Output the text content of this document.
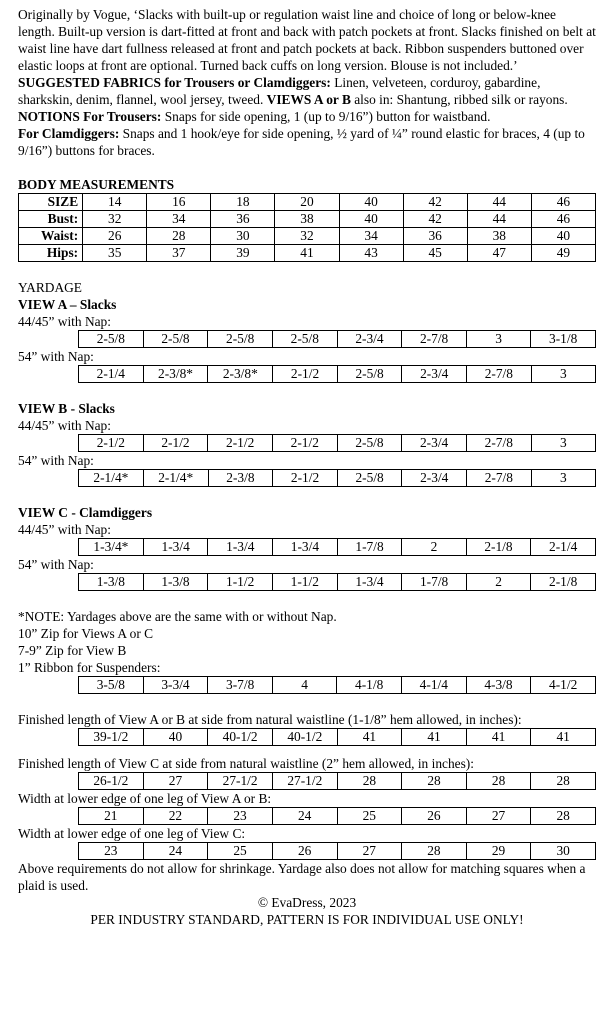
Originally by Vogue, ‘Slacks with built-up or regulation waist line and choice of long or below-knee length. Built-up version is dart-fitted at front and back with patch pockets at front. Slacks finished on belt at waist line have dart fullness released at front and patch pockets at back. Ribbon suspenders buttoned over elastic loops at front are optional. Turned back cuffs on long version. Blouse is not included.’

SUGGESTED FABRICS for Trousers or Clamdiggers: Linen, velveteen, corduroy, gabardine, sharkskin, denim, flannel, wool jersey, tweed. VIEWS A or B also in: Shantung, ribbed silk or rayons.

NOTIONS For Trousers: Snaps for side opening, 1 (up to 9/16”) button for waistband.

For Clamdiggers: Snaps and 1 hook/eye for side opening, ½ yard of ¼” round elastic for braces, 4 (up to 9/16”) buttons for braces.

BODY MEASUREMENTS

SIZE	14	16	18	20	40	42	44	46
Bust:	32	34	36	38	40	42	44	46
Waist:	26	28	30	32	34	36	38	40
Hips:	35	37	39	41	43	45	47	49

YARDAGE

VIEW A – Slacks

44/45” with Nap:

2-5/8	2-5/8	2-5/8	2-5/8	2-3/4	2-7/8	3	3-1/8

54” with Nap:

2-1/4	2-3/8*	2-3/8*	2-1/2	2-5/8	2-3/4	2-7/8	3

VIEW B - Slacks

44/45” with Nap:

2-1/2	2-1/2	2-1/2	2-1/2	2-5/8	2-3/4	2-7/8	3

54” with Nap:

2-1/4*	2-1/4*	2-3/8	2-1/2	2-5/8	2-3/4	2-7/8	3

VIEW C - Clamdiggers

44/45” with Nap:

1-3/4*	1-3/4	1-3/4	1-3/4	1-7/8	2	2-1/8	2-1/4

54” with Nap:

1-3/8	1-3/8	1-1/2	1-1/2	1-3/4	1-7/8	2	2-1/8

*NOTE: Yardages above are the same with or without Nap.

10” Zip for Views A or C

7-9” Zip for View B

1” Ribbon for Suspenders:

3-5/8	3-3/4	3-7/8	4	4-1/8	4-1/4	4-3/8	4-1/2

Finished length of View A or B at side from natural waistline (1-1/8” hem allowed, in inches):

39-1/2	40	40-1/2	40-1/2	41	41	41	41

Finished length of View C at side from natural waistline (2” hem allowed, in inches):

26-1/2	27	27-1/2	27-1/2	28	28	28	28

Width at lower edge of one leg of View A or B:

21	22	23	24	25	26	27	28

Width at lower edge of one leg of View C:

23	24	25	26	27	28	29	30

Above requirements do not allow for shrinkage. Yardage also does not allow for matching squares when a plaid is used.

© EvaDress, 2023

PER INDUSTRY STANDARD, PATTERN IS FOR INDIVIDUAL USE ONLY!
